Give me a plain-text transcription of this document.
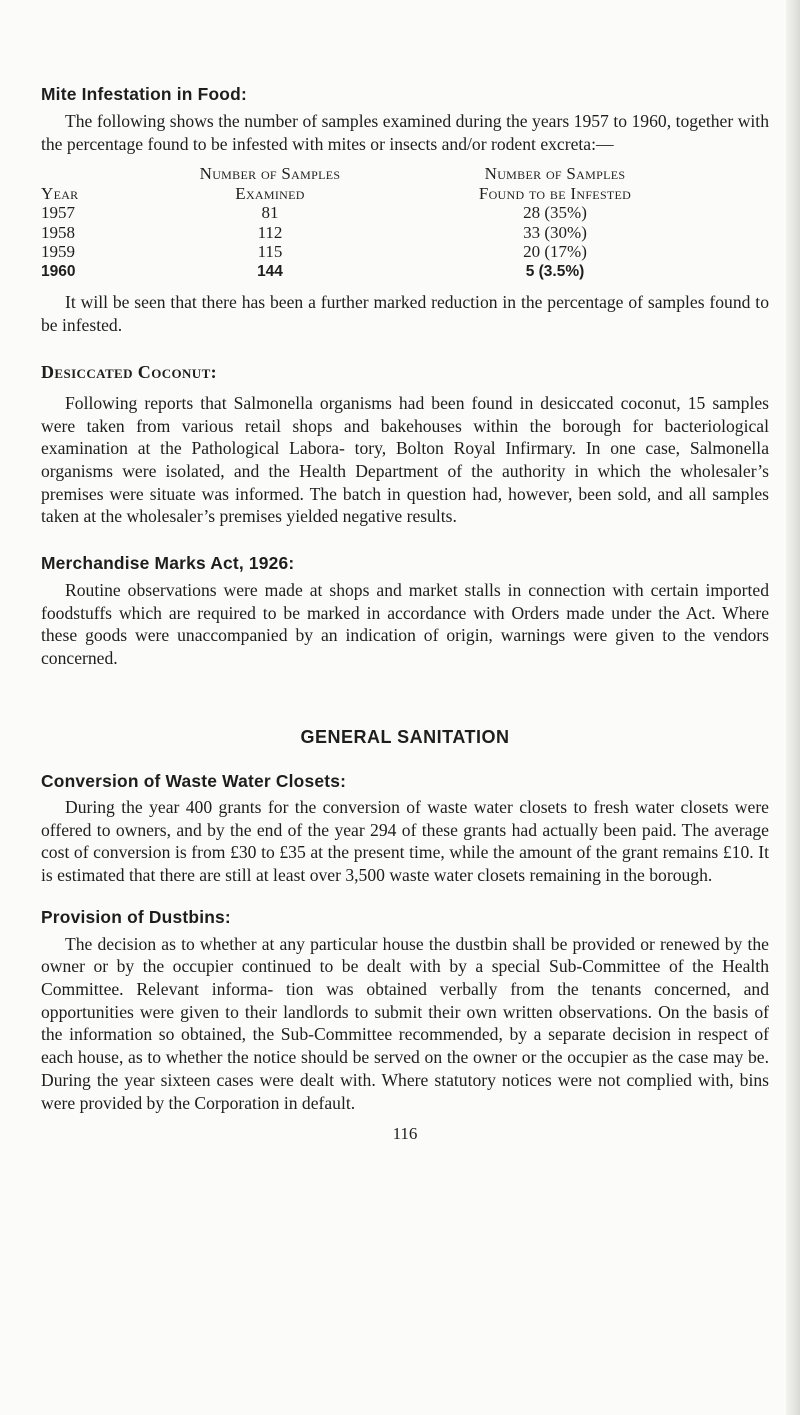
Mite Infestation in Food:

The following shows the number of samples examined during the years 1957 to 1960, together with the percentage found to be infested with mites or insects and/or rodent excreta:—

	Number of Samples	Number of Samples
Year	Examined	Found to be Infested
1957	81	28 (35%)
1958	112	33 (30%)
1959	115	20 (17%)
1960	144	5 (3.5%)

It will be seen that there has been a further marked reduction in the percentage of samples found to be infested.

Desiccated Coconut:

Following reports that Salmonella organisms had been found in desiccated coconut, 15 samples were taken from various retail shops and bakehouses within the borough for bacteriological examination at the Pathological Labora- tory, Bolton Royal Infirmary. In one case, Salmonella organisms were isolated, and the Health Department of the authority in which the wholesaler’s premises were situate was informed. The batch in question had, however, been sold, and all samples taken at the wholesaler’s premises yielded negative results.

Merchandise Marks Act, 1926:

Routine observations were made at shops and market stalls in connection with certain imported foodstuffs which are required to be marked in accordance with Orders made under the Act. Where these goods were unaccompanied by an indication of origin, warnings were given to the vendors concerned.

GENERAL SANITATION
Conversion of Waste Water Closets:

During the year 400 grants for the conversion of waste water closets to fresh water closets were offered to owners, and by the end of the year 294 of these grants had actually been paid. The average cost of conversion is from £30 to £35 at the present time, while the amount of the grant remains £10. It is estimated that there are still at least over 3,500 waste water closets remaining in the borough.

Provision of Dustbins:

The decision as to whether at any particular house the dustbin shall be provided or renewed by the owner or by the occupier continued to be dealt with by a special Sub-Committee of the Health Committee. Relevant informa- tion was obtained verbally from the tenants concerned, and opportunities were given to their landlords to submit their own written observations. On the basis of the information so obtained, the Sub-Committee recommended, by a separate decision in respect of each house, as to whether the notice should be served on the owner or the occupier as the case may be. During the year sixteen cases were dealt with. Where statutory notices were not complied with, bins were provided by the Corporation in default.

116
